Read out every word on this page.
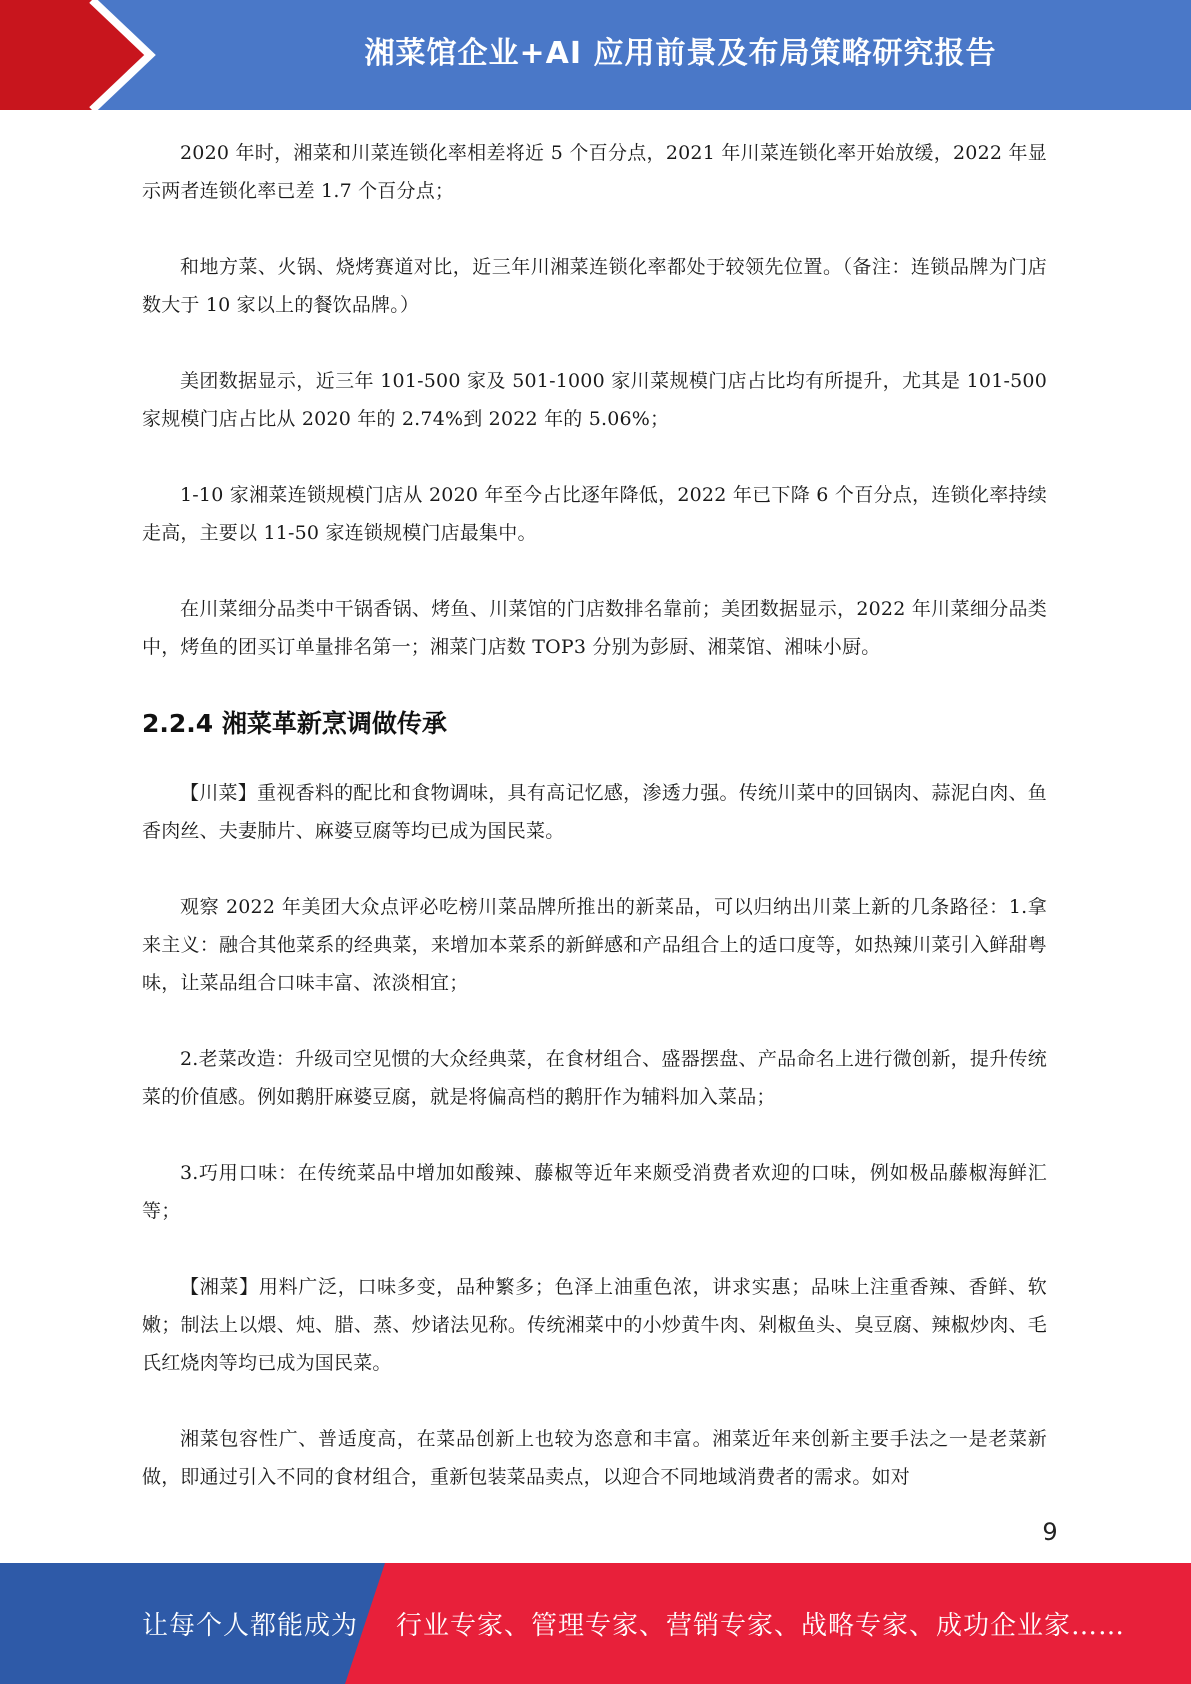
湘菜馆企业+AI 应用前景及布局策略研究报告

2020 年时，湘菜和川菜连锁化率相差将近 5 个百分点，2021 年川菜连锁化率开始放缓，2022 年显示两者连锁化率已差 1.7 个百分点；

和地方菜、火锅、烧烤赛道对比，近三年川湘菜连锁化率都处于较领先位置。（备注：连锁品牌为门店数大于 10 家以上的餐饮品牌。）

美团数据显示，近三年 101-500 家及 501-1000 家川菜规模门店占比均有所提升，尤其是 101-500 家规模门店占比从 2020 年的 2.74%到 2022 年的 5.06%；

1-10 家湘菜连锁规模门店从 2020 年至今占比逐年降低，2022 年已下降 6 个百分点，连锁化率持续走高，主要以 11-50 家连锁规模门店最集中。

在川菜细分品类中干锅香锅、烤鱼、川菜馆的门店数排名靠前；美团数据显示，2022 年川菜细分品类中，烤鱼的团买订单量排名第一；湘菜门店数 TOP3 分别为彭厨、湘菜馆、湘味小厨。

2.2.4 湘菜革新烹调做传承

【川菜】重视香料的配比和食物调味，具有高记忆感，渗透力强。传统川菜中的回锅肉、蒜泥白肉、鱼香肉丝、夫妻肺片、麻婆豆腐等均已成为国民菜。

观察 2022 年美团大众点评必吃榜川菜品牌所推出的新菜品，可以归纳出川菜上新的几条路径：1.拿来主义：融合其他菜系的经典菜，来增加本菜系的新鲜感和产品组合上的适口度等，如热辣川菜引入鲜甜粤味，让菜品组合口味丰富、浓淡相宜；

2.老菜改造：升级司空见惯的大众经典菜，在食材组合、盛器摆盘、产品命名上进行微创新，提升传统菜的价值感。例如鹅肝麻婆豆腐，就是将偏高档的鹅肝作为辅料加入菜品；

3.巧用口味：在传统菜品中增加如酸辣、藤椒等近年来颇受消费者欢迎的口味，例如极品藤椒海鲜汇等；

【湘菜】用料广泛，口味多变，品种繁多；色泽上油重色浓，讲求实惠；品味上注重香辣、香鲜、软嫩；制法上以煨、炖、腊、蒸、炒诸法见称。传统湘菜中的小炒黄牛肉、剁椒鱼头、臭豆腐、辣椒炒肉、毛氏红烧肉等均已成为国民菜。

湘菜包容性广、普适度高，在菜品创新上也较为恣意和丰富。湘菜近年来创新主要手法之一是老菜新做，即通过引入不同的食材组合，重新包装菜品卖点，以迎合不同地域消费者的需求。如对

9
让每个人都能成为 行业专家、管理专家、营销专家、战略专家、成功企业家……
